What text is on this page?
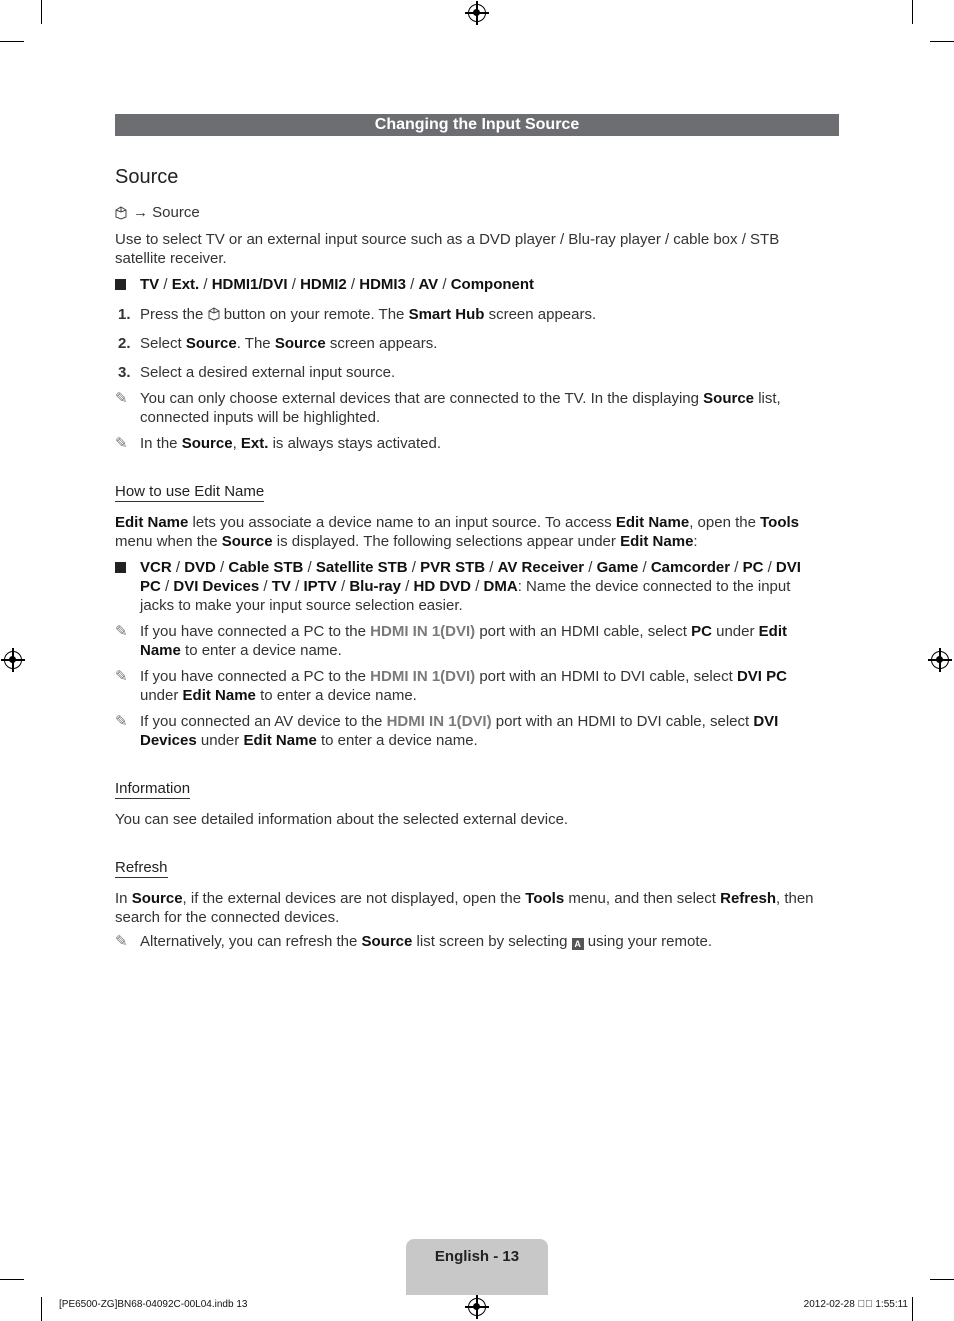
Changing the Input Source
Source
→ Source

Use to select TV or an external input source such as a DVD player / Blu-ray player / cable box / STB satellite receiver.

TV / Ext. / HDMI1/DVI / HDMI2 / HDMI3 / AV / Component
1. Press the button on your remote. The Smart Hub screen appears.
2. Select Source. The Source screen appears.
3. Select a desired external input source.
✎ You can only choose external devices that are connected to the TV. In the displaying Source list, connected inputs will be highlighted.
✎ In the Source, Ext. is always stays activated.
How to use Edit Name

Edit Name lets you associate a device name to an input source. To access Edit Name, open the Tools menu when the Source is displayed. The following selections appear under Edit Name:

VCR / DVD / Cable STB / Satellite STB / PVR STB / AV Receiver / Game / Camcorder / PC / DVI PC / DVI Devices / TV / IPTV / Blu-ray / HD DVD / DMA: Name the device connected to the input jacks to make your input source selection easier.
✎ If you have connected a PC to the HDMI IN 1(DVI) port with an HDMI cable, select PC under Edit Name to enter a device name.
✎ If you have connected a PC to the HDMI IN 1(DVI) port with an HDMI to DVI cable, select DVI PC under Edit Name to enter a device name.
✎ If you connected an AV device to the HDMI IN 1(DVI) port with an HDMI to DVI cable, select DVI Devices under Edit Name to enter a device name.
Information

You can see detailed information about the selected external device.

Refresh

In Source, if the external devices are not displayed, open the Tools menu, and then select Refresh, then search for the connected devices.

✎ Alternatively, you can refresh the Source list screen by selecting A using your remote.
English - 13
[PE6500-ZG]BN68-04092C-00L04.indb 13	2012-02-28 ￿￿ 1:55:11
